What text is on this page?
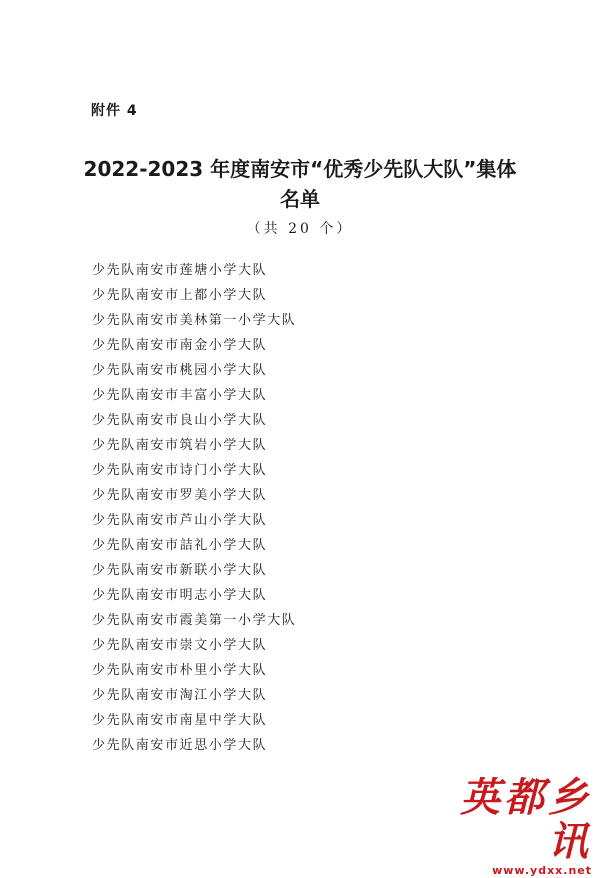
附件 4
2022-2023 年度南安市“优秀少先队大队”集体
名单
（共 20 个）
少先队南安市莲塘小学大队
少先队南安市上都小学大队
少先队南安市美林第一小学大队
少先队南安市南金小学大队
少先队南安市桃园小学大队
少先队南安市丰富小学大队
少先队南安市良山小学大队
少先队南安市筑岩小学大队
少先队南安市诗门小学大队
少先队南安市罗美小学大队
少先队南安市芦山小学大队
少先队南安市詰礼小学大队
少先队南安市新联小学大队
少先队南安市明志小学大队
少先队南安市霞美第一小学大队
少先队南安市崇文小学大队
少先队南安市朴里小学大队
少先队南安市淘江小学大队
少先队南安市南星中学大队
少先队南安市近思小学大队
英都乡讯
www.ydxx.net
